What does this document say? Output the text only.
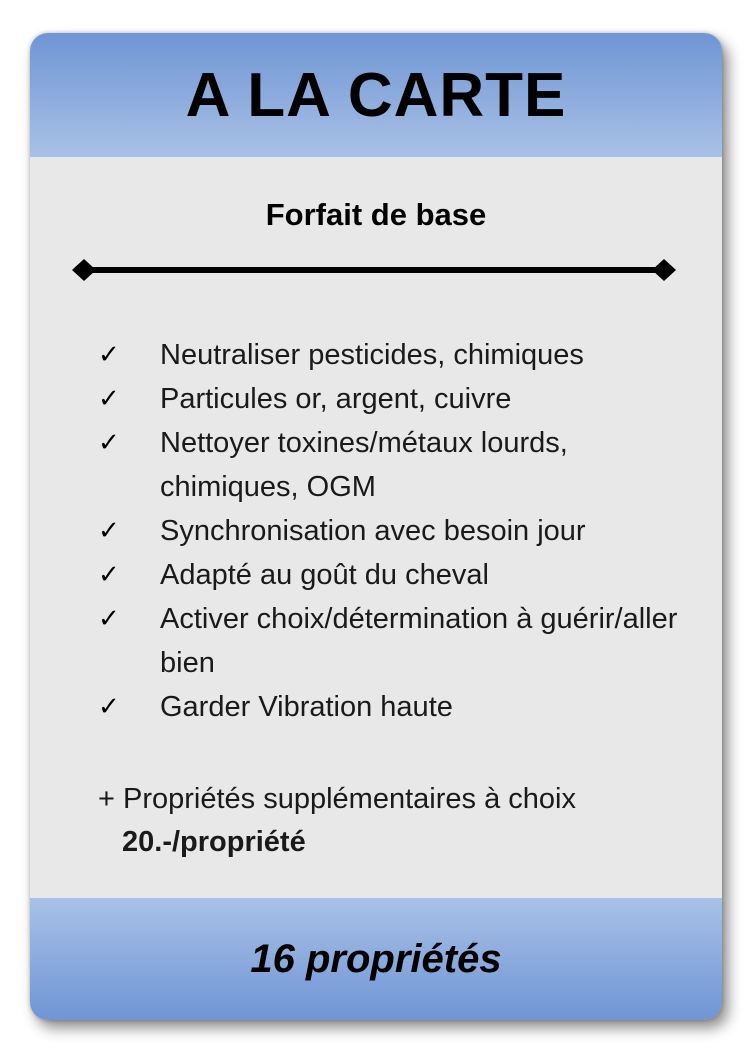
A LA CARTE
Forfait de base
✓	Neutraliser pesticides, chimiques
✓	Particules or, argent, cuivre
✓	Nettoyer toxines/métaux lourds, chimiques, OGM
✓	Synchronisation avec besoin jour
✓	Adapté au goût du cheval
✓	Activer choix/détermination à guérir/aller bien
✓	Garder Vibration haute
+ Propriétés supplémentaires à choix
20.-/propriété
16 propriétés
